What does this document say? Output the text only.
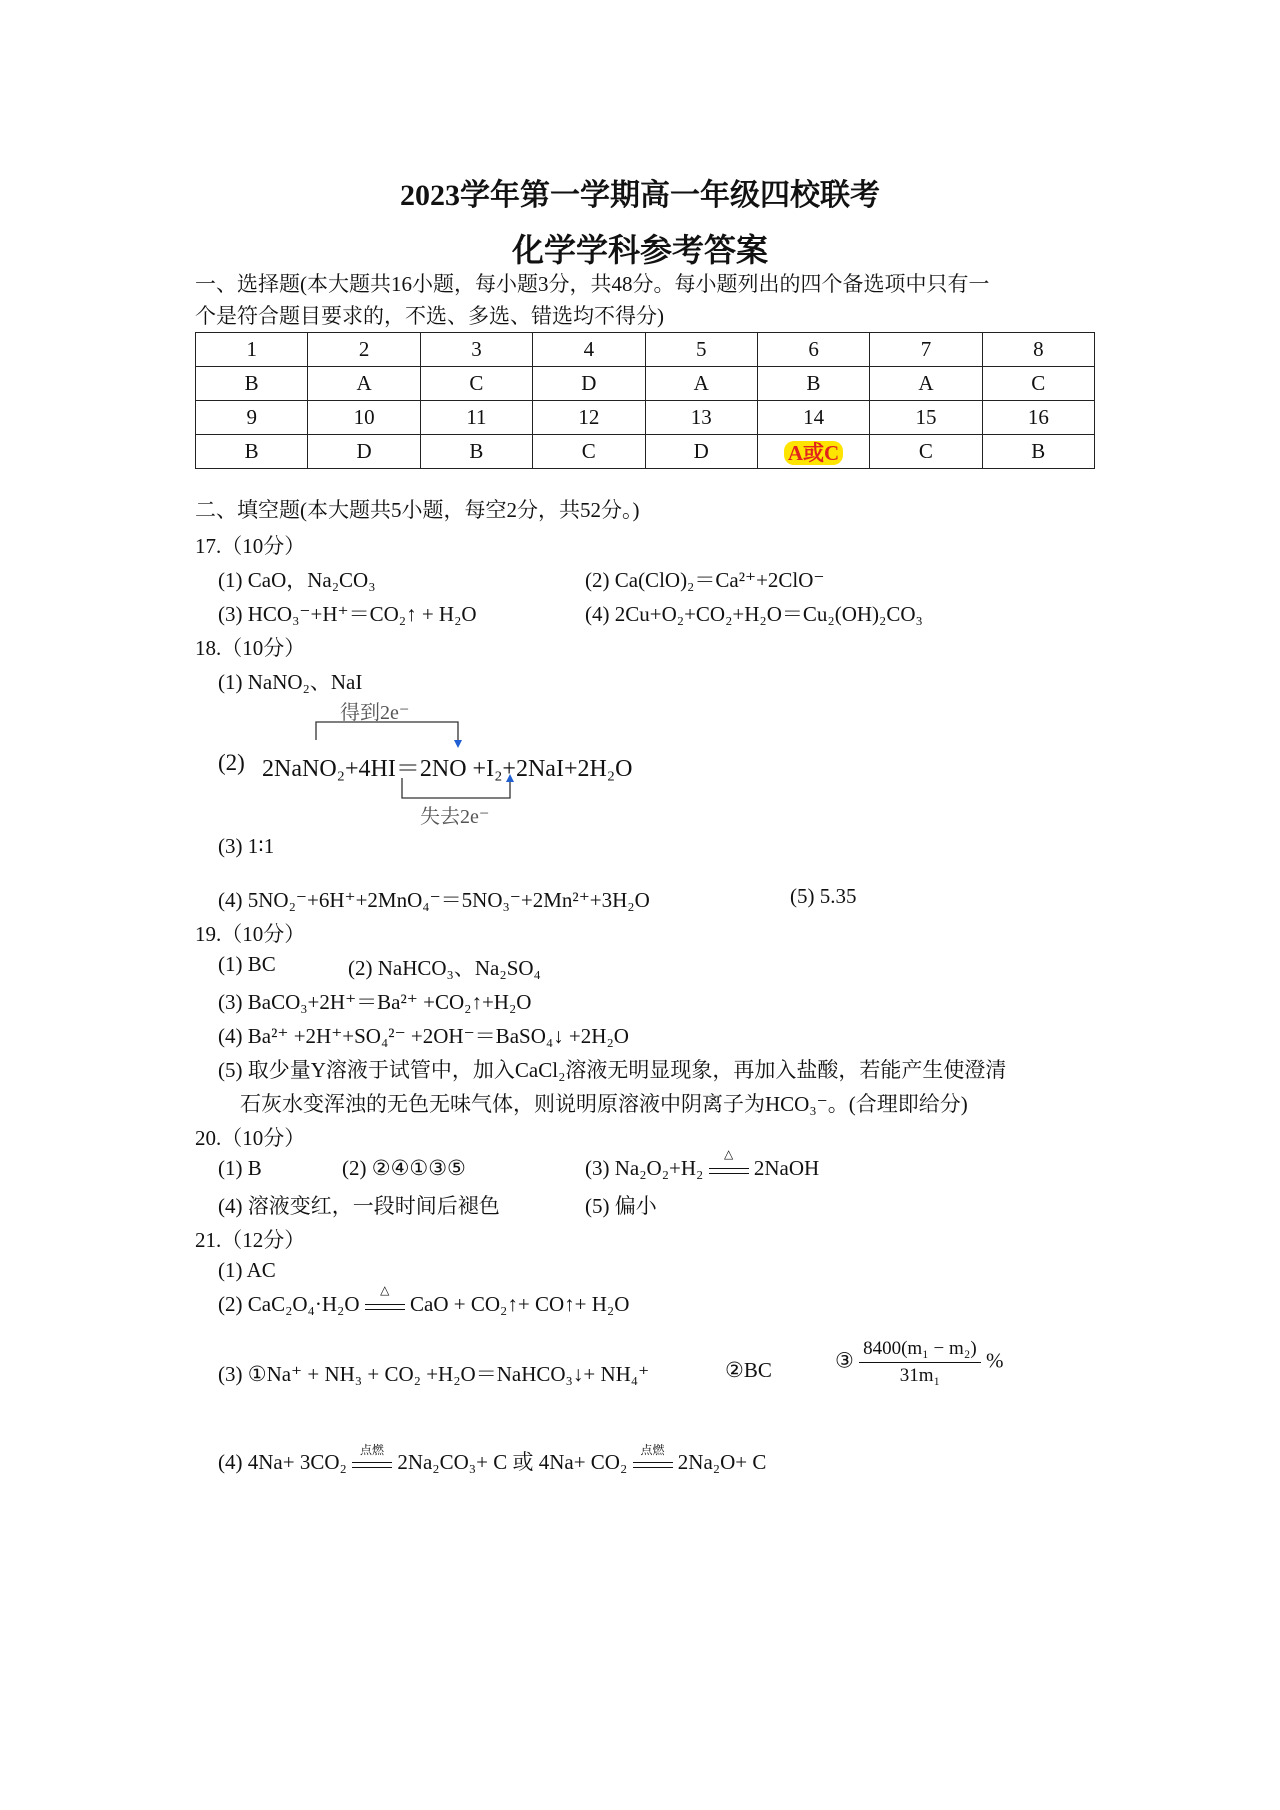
2023学年第一学期高一年级四校联考
化学学科参考答案
一、选择题(本大题共16小题，每小题3分，共48分。每小题列出的四个备选项中只有一
个是符合题目要求的，不选、多选、错选均不得分)
1	2	3	4	5	6	7	8
B	A	C	D	A	B	A	C
9	10	11	12	13	14	15	16
B	D	B	C	D	A或C	C	B
二、填空题(本大题共5小题，每空2分，共52分。)
17.（10分）
(1) CaO，Na₂CO₃	(2) Ca(ClO)₂＝Ca²⁺+2ClO⁻
(3) HCO₃⁻+H⁺＝CO₂↑ + H₂O	(4) 2Cu+O₂+CO₂+H₂O＝Cu₂(OH)₂CO₃
18.（10分）
(1) NaNO₂、NaI
得到2e⁻
(2) 2NaNO₂+4HI＝2NO +I₂+2NaI+2H₂O
失去2e⁻
(3) 1∶1
(4) 5NO₂⁻+6H⁺+2MnO₄⁻＝5NO₃⁻+2Mn²⁺+3H₂O	(5) 5.35
19.（10分）
(1) BC	(2) NaHCO₃、Na₂SO₄
(3) BaCO₃+2H⁺＝Ba²⁺ +CO₂↑+H₂O
(4) Ba²⁺ +2H⁺+SO₄²⁻ +2OH⁻＝BaSO₄↓ +2H₂O
(5) 取少量Y溶液于试管中，加入CaCl₂溶液无明显现象，再加入盐酸，若能产生使澄清
石灰水变浑浊的无色无味气体，则说明原溶液中阴离子为HCO₃⁻。(合理即给分)
20.（10分）
(1) B	(2) ②④①③⑤	(3) Na₂O₂+H₂
△
2NaOH
(4) 溶液变红，一段时间后褪色	(5) 偏小
21.（12分）
(1) AC
(2) CaC₂O₄·H₂O
△
CaO + CO₂↑+ CO↑+ H₂O
(3) ①Na⁺ + NH₃ + CO₂ +H₂O＝NaHCO₃↓+ NH₄⁺	②BC	③ $\frac{\text{8400(m₁ − m₂)}}{\text{31m₁}}$ %
(4) 4Na+ 3CO₂	点燃 2Na₂CO₃+ C 或 4Na+ CO₂	点燃 2Na₂O+ C
